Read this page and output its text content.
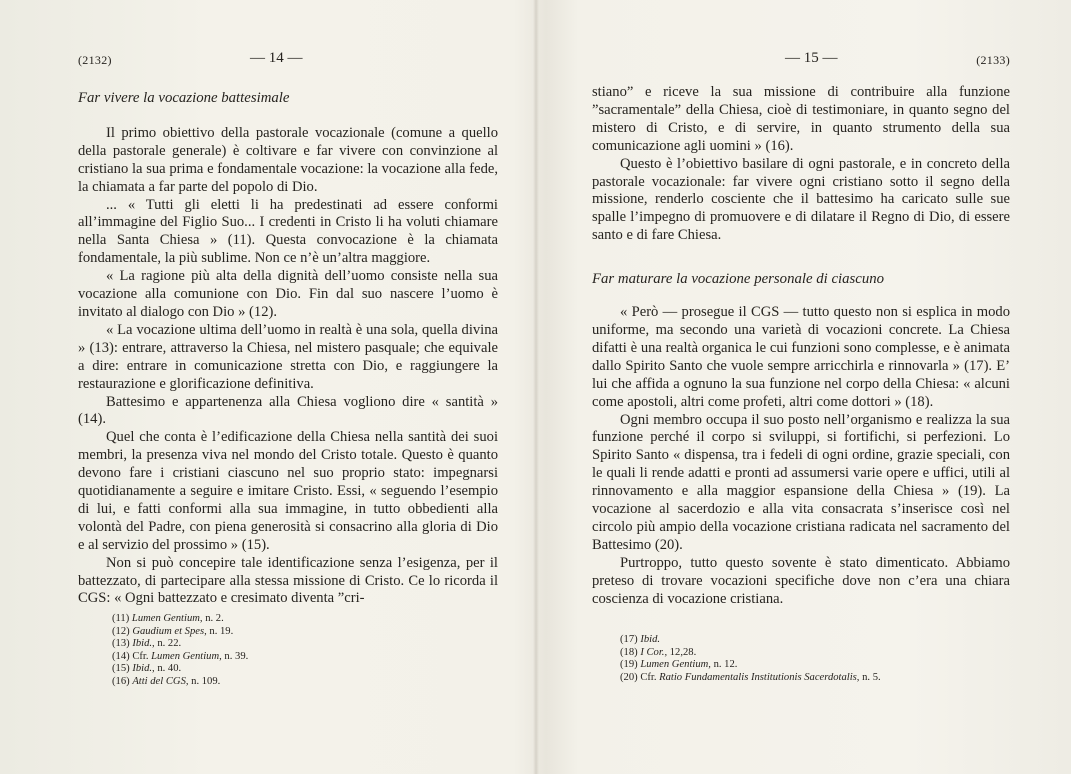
(2132)	— 14 —
Far vivere la vocazione battesimale

Il primo obiettivo della pastorale vocazionale (comune a quello della pastorale generale) è coltivare e far vivere con convinzione al cristiano la sua prima e fondamentale vocazione: la vocazione alla fede, la chiamata a far parte del popolo di Dio.

... « Tutti gli eletti li ha predestinati ad essere conformi all’immagine del Figlio Suo... I credenti in Cristo li ha voluti chiamare nella Santa Chiesa » (11). Questa convocazione è la chiamata fondamentale, la più sublime. Non ce n’è un’altra maggiore.

« La ragione più alta della dignità dell’uomo consiste nella sua vocazione alla comunione con Dio. Fin dal suo nascere l’uomo è invitato al dialogo con Dio » (12).

« La vocazione ultima dell’uomo in realtà è una sola, quella divina » (13): entrare, attraverso la Chiesa, nel mistero pasquale; che equivale a dire: entrare in comunicazione stretta con Dio, e raggiungere la restaurazione e glorificazione definitiva.

Battesimo e appartenenza alla Chiesa vogliono dire « santità » (14).

Quel che conta è l’edificazione della Chiesa nella santità dei suoi membri, la presenza viva nel mondo del Cristo totale. Questo è quanto devono fare i cristiani ciascuno nel suo proprio stato: impegnarsi quotidianamente a seguire e imitare Cristo. Essi, « seguendo l’esempio di lui, e fatti conformi alla sua immagine, in tutto obbedienti alla volontà del Padre, con piena generosità si consacrino alla gloria di Dio e al servizio del prossimo » (15).

Non si può concepire tale identificazione senza l’esigenza, per il battezzato, di partecipare alla stessa missione di Cristo. Ce lo ricorda il CGS: « Ogni battezzato e cresimato diventa ”cri-

(11) Lumen Gentium, n. 2.
(12) Gaudium et Spes, n. 19.
(13) Ibid., n. 22.
(14) Cfr. Lumen Gentium, n. 39.
(15) Ibid., n. 40.
(16) Atti del CGS, n. 109.
— 15 —	(2133)

stiano” e riceve la sua missione di contribuire alla funzione ”sacramentale” della Chiesa, cioè di testimoniare, in quanto segno del mistero di Cristo, e di servire, in quanto strumento della sua comunicazione agli uomini » (16).

Questo è l’obiettivo basilare di ogni pastorale, e in concreto della pastorale vocazionale: far vivere ogni cristiano sotto il segno della missione, renderlo cosciente che il battesimo ha caricato sulle sue spalle l’impegno di promuovere e di dilatare il Regno di Dio, di essere santo e di fare Chiesa.

Far maturare la vocazione personale di ciascuno

« Però — prosegue il CGS — tutto questo non si esplica in modo uniforme, ma secondo una varietà di vocazioni concrete. La Chiesa difatti è una realtà organica le cui funzioni sono complesse, e è animata dallo Spirito Santo che vuole sempre arricchirla e rinnovarla » (17). E’ lui che affida a ognuno la sua funzione nel corpo della Chiesa: « alcuni come apostoli, altri come profeti, altri come dottori » (18).

Ogni membro occupa il suo posto nell’organismo e realizza la sua funzione perché il corpo si sviluppi, si fortifichi, si perfezioni. Lo Spirito Santo « dispensa, tra i fedeli di ogni ordine, grazie speciali, con le quali li rende adatti e pronti ad assumersi varie opere e uffici, utili al rinnovamento e alla maggior espansione della Chiesa » (19). La vocazione al sacerdozio e alla vita consacrata s’inserisce così nel circolo più ampio della vocazione cristiana radicata nel sacramento del Battesimo (20).

Purtroppo, tutto questo sovente è stato dimenticato. Abbiamo preteso di trovare vocazioni specifiche dove non c’era una chiara coscienza di vocazione cristiana.

(17) Ibid.
(18) I Cor., 12,28.
(19) Lumen Gentium, n. 12.
(20) Cfr. Ratio Fundamentalis Institutionis Sacerdotalis, n. 5.
